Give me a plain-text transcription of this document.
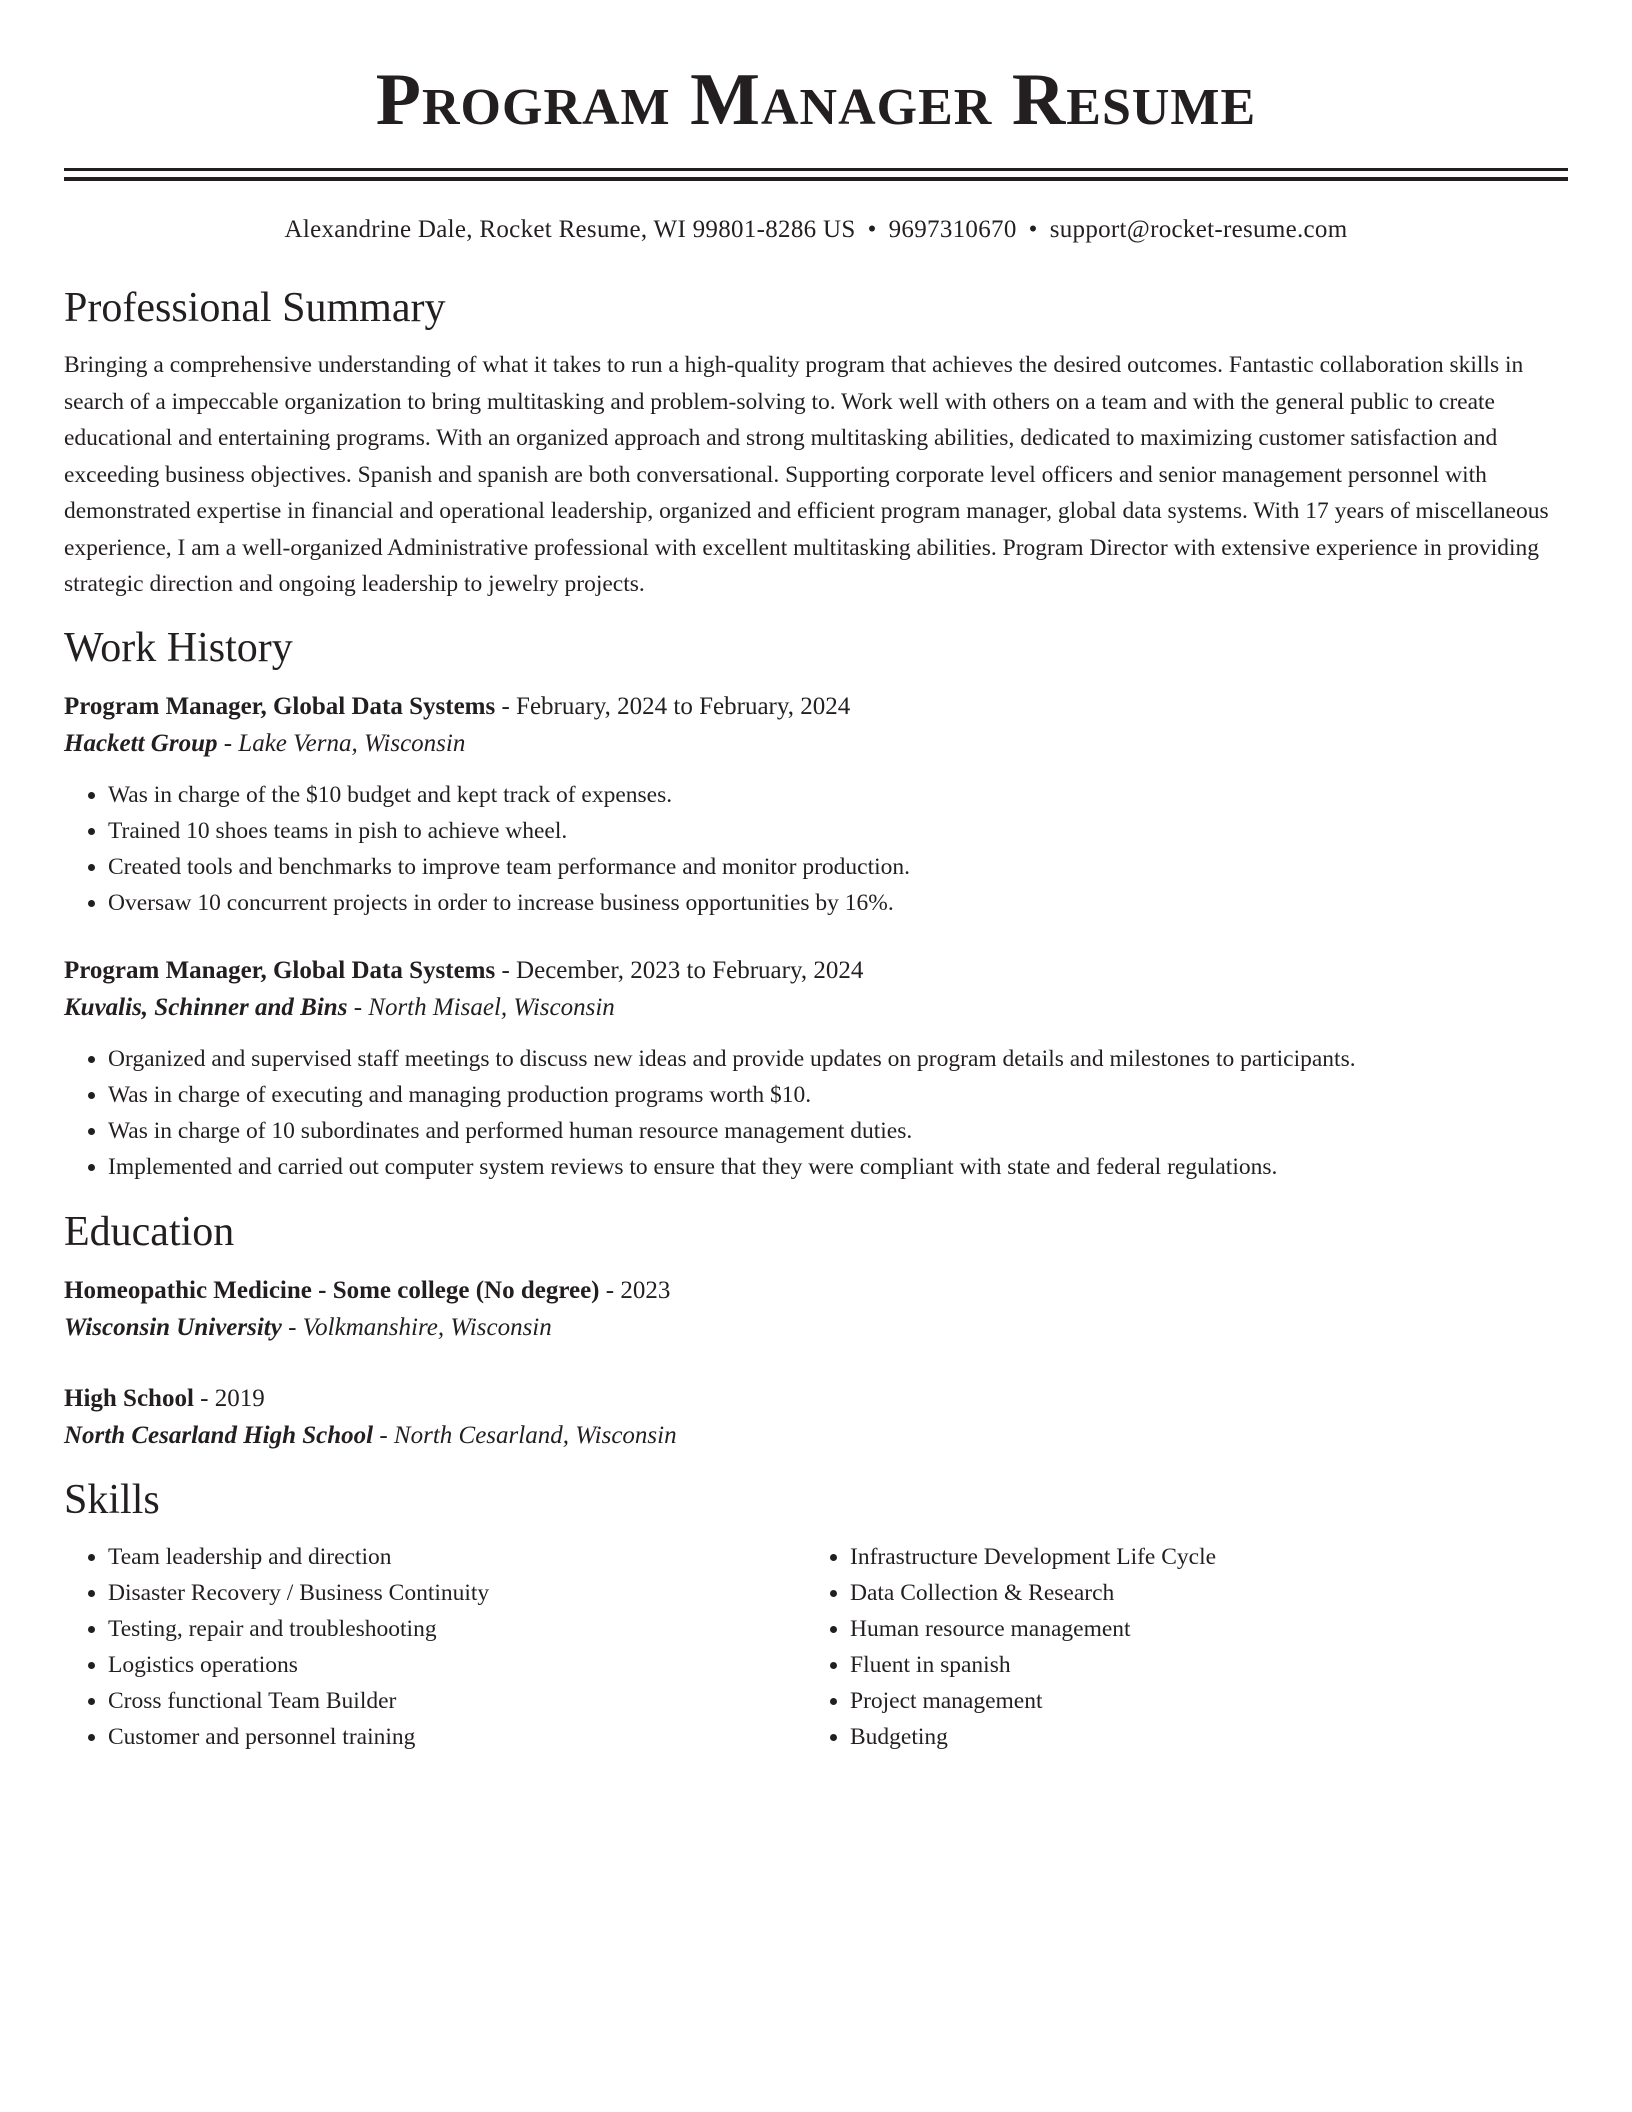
Program Manager Resume
Alexandrine Dale, Rocket Resume, WI 99801-8286 US • 9697310670 • support@rocket-resume.com
Professional Summary

Bringing a comprehensive understanding of what it takes to run a high-quality program that achieves the desired outcomes. Fantastic collaboration skills in search of a impeccable organization to bring multitasking and problem-solving to. Work well with others on a team and with the general public to create educational and entertaining programs. With an organized approach and strong multitasking abilities, dedicated to maximizing customer satisfaction and exceeding business objectives. Spanish and spanish are both conversational. Supporting corporate level officers and senior management personnel with demonstrated expertise in financial and operational leadership, organized and efficient program manager, global data systems. With 17 years of miscellaneous experience, I am a well-organized Administrative professional with excellent multitasking abilities. Program Director with extensive experience in providing strategic direction and ongoing leadership to jewelry projects.

Work History
Program Manager, Global Data Systems - February, 2024 to February, 2024
Hackett Group - Lake Verna, Wisconsin
• Was in charge of the $10 budget and kept track of expenses.
• Trained 10 shoes teams in pish to achieve wheel.
• Created tools and benchmarks to improve team performance and monitor production.
• Oversaw 10 concurrent projects in order to increase business opportunities by 16%.
Program Manager, Global Data Systems - December, 2023 to February, 2024
Kuvalis, Schinner and Bins - North Misael, Wisconsin
• Organized and supervised staff meetings to discuss new ideas and provide updates on program details and milestones to participants.
• Was in charge of executing and managing production programs worth $10.
• Was in charge of 10 subordinates and performed human resource management duties.
• Implemented and carried out computer system reviews to ensure that they were compliant with state and federal regulations.
Education
Homeopathic Medicine - Some college (No degree) - 2023
Wisconsin University - Volkmanshire, Wisconsin
High School - 2019
North Cesarland High School - North Cesarland, Wisconsin
Skills
• Team leadership and direction
• Disaster Recovery / Business Continuity
• Testing, repair and troubleshooting
• Logistics operations
• Cross functional Team Builder
• Customer and personnel training
• Infrastructure Development Life Cycle
• Data Collection & Research
• Human resource management
• Fluent in spanish
• Project management
• Budgeting
